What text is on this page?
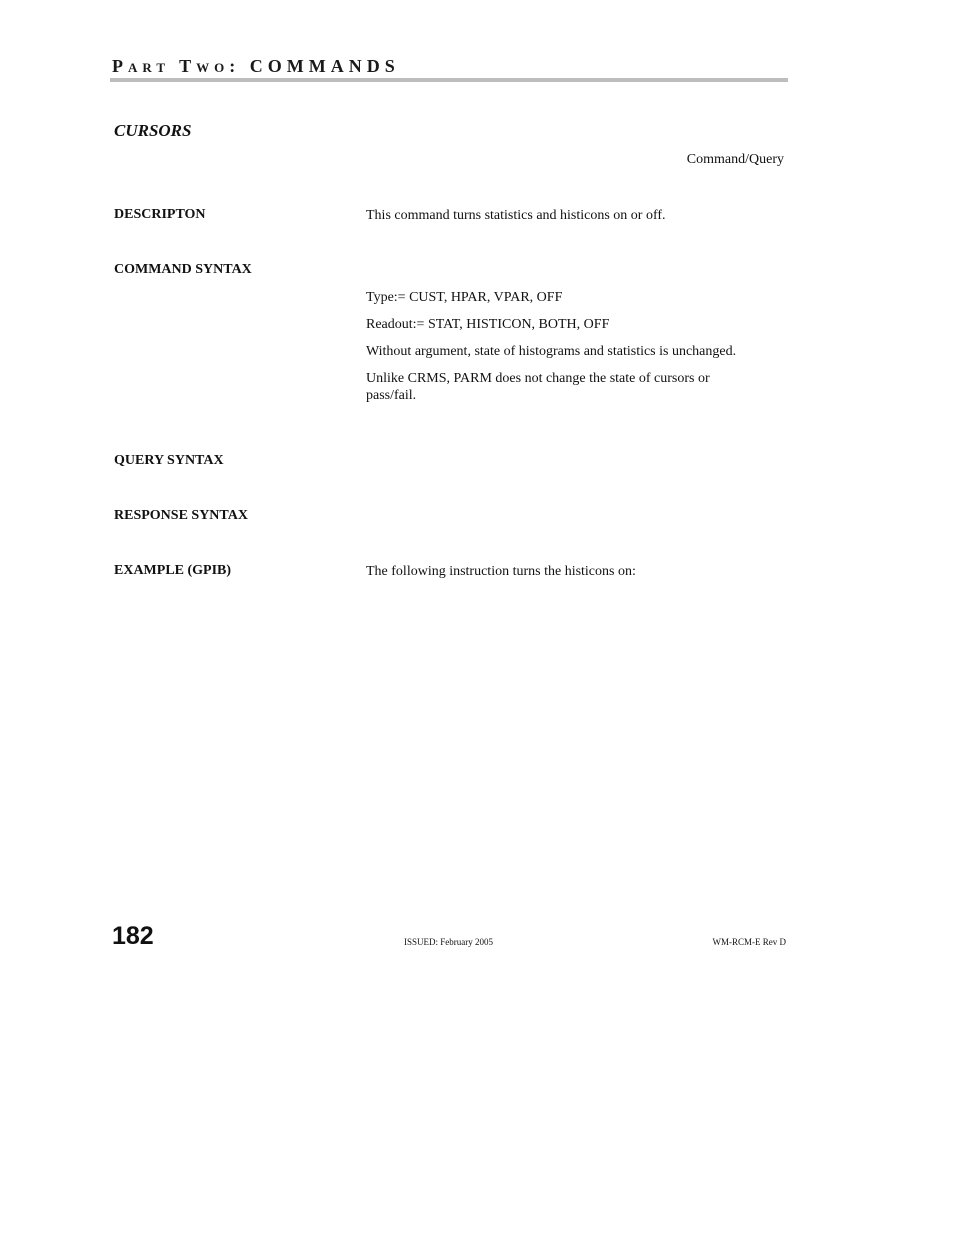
Part Two: COMMANDS
CURSORS
Command/Query
DESCRIPTON	This command turns statistics and histicons on or off.
COMMAND SYNTAX
Type:= CUST, HPAR, VPAR, OFF
Readout:= STAT, HISTICON, BOTH, OFF
Without argument, state of histograms and statistics is unchanged.
Unlike CRMS, PARM does not change the state of cursors or pass/fail.
QUERY SYNTAX
RESPONSE SYNTAX
EXAMPLE (GPIB)	The following instruction turns the histicons on:
182	ISSUED: February 2005	WM-RCM-E Rev D
